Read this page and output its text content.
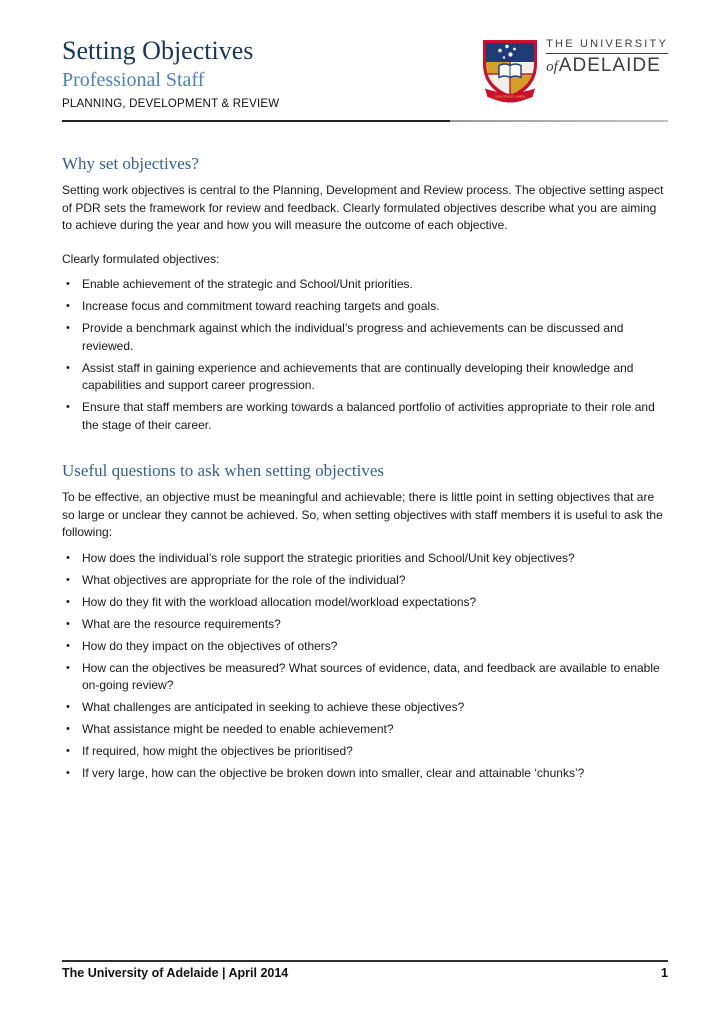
Setting Objectives
Professional Staff

PLANNING, DEVELOPMENT & REVIEW

SUB CRUCE LUMEN
THE UNIVERSITY
of ADELAIDE
Why set objectives?

Setting work objectives is central to the Planning, Development and Review process. The objective setting aspect of PDR sets the framework for review and feedback. Clearly formulated objectives describe what you are aiming to achieve during the year and how you will measure the outcome of each objective.

Clearly formulated objectives:

•	Enable achievement of the strategic and School/Unit priorities.
•	Increase focus and commitment toward reaching targets and goals.
•	Provide a benchmark against which the individual’s progress and achievements can be discussed and reviewed.
•	Assist staff in gaining experience and achievements that are continually developing their knowledge and capabilities and support career progression.
•	Ensure that staff members are working towards a balanced portfolio of activities appropriate to their role and the stage of their career.
Useful questions to ask when setting objectives

To be effective, an objective must be meaningful and achievable; there is little point in setting objectives that are so large or unclear they cannot be achieved. So, when setting objectives with staff members it is useful to ask the following:

•	How does the individual’s role support the strategic priorities and School/Unit key objectives?
•	What objectives are appropriate for the role of the individual?
•	How do they fit with the workload allocation model/workload expectations?
•	What are the resource requirements?
•	How do they impact on the objectives of others?
•	How can the objectives be measured? What sources of evidence, data, and feedback are available to enable on-going review?
•	What challenges are anticipated in seeking to achieve these objectives?
•	What assistance might be needed to enable achievement?
•	If required, how might the objectives be prioritised?
•	If very large, how can the objective be broken down into smaller, clear and attainable ‘chunks’?
The University of Adelaide | April 2014	1
